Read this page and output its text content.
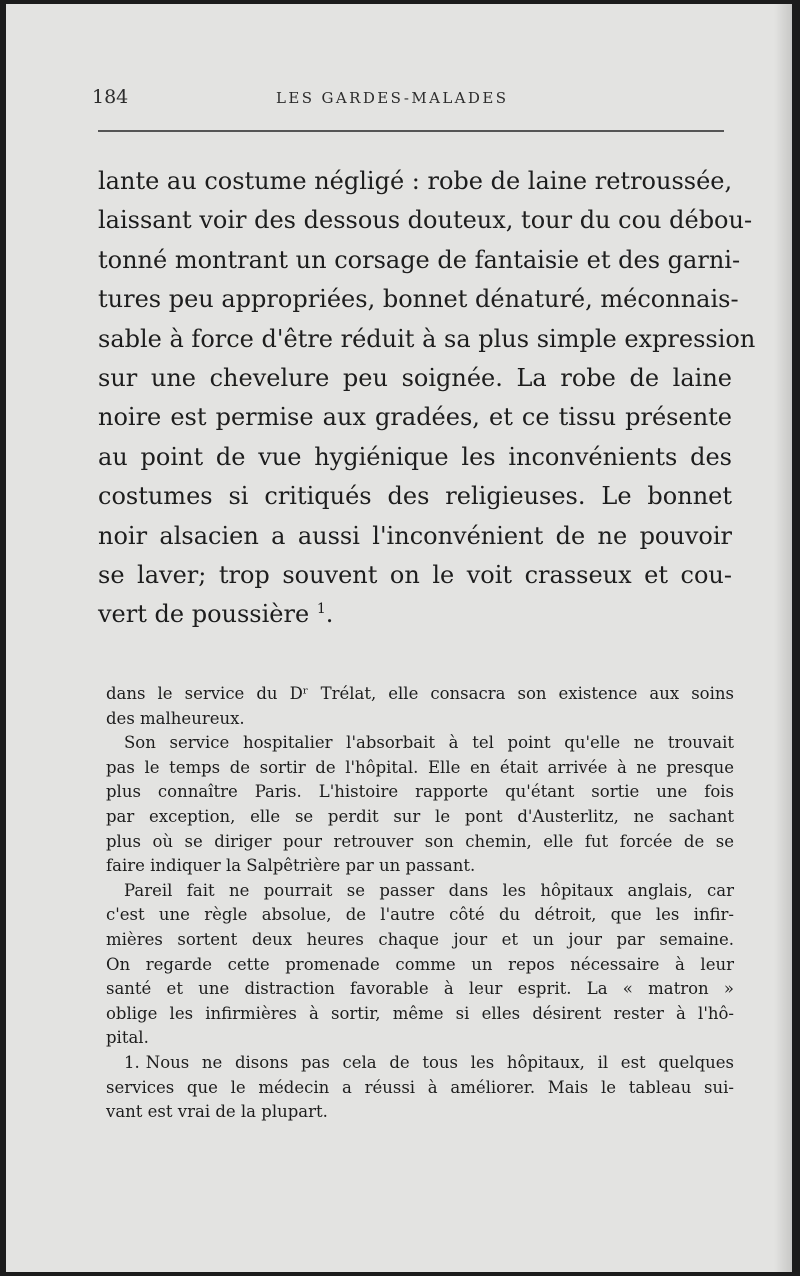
184	LES GARDES-MALADES
lante au costume négligé : robe de laine retroussée,
laissant voir des dessous douteux, tour du cou débou-
tonné montrant un corsage de fantaisie et des garni-
tures peu appropriées, bonnet dénaturé, méconnais-
sable à force d'être réduit à sa plus simple expression
sur une chevelure peu soignée. La robe de laine
noire est permise aux gradées, et ce tissu présente
au point de vue hygiénique les inconvénients des
costumes si critiqués des religieuses. Le bonnet
noir alsacien a aussi l'inconvénient de ne pouvoir
se laver; trop souvent on le voit crasseux et cou-
vert de poussière $^1$.
dans le service du Dʳ Trélat, elle consacra son existence aux soins
des malheureux.
Son service hospitalier l'absorbait à tel point qu'elle ne trouvait
pas le temps de sortir de l'hôpital. Elle en était arrivée à ne presque
plus connaître Paris. L'histoire rapporte qu'étant sortie une fois
par exception, elle se perdit sur le pont d'Austerlitz, ne sachant
plus où se diriger pour retrouver son chemin, elle fut forcée de se
faire indiquer la Salpêtrière par un passant.
Pareil fait ne pourrait se passer dans les hôpitaux anglais, car
c'est une règle absolue, de l'autre côté du détroit, que les infir-
mières sortent deux heures chaque jour et un jour par semaine.
On regarde cette promenade comme un repos nécessaire à leur
santé et une distraction favorable à leur esprit. La « matron »
oblige les infirmières à sortir, même si elles désirent rester à l'hô-
pital.
1. Nous ne disons pas cela de tous les hôpitaux, il est quelques
services que le médecin a réussi à améliorer. Mais le tableau sui-
vant est vrai de la plupart.
